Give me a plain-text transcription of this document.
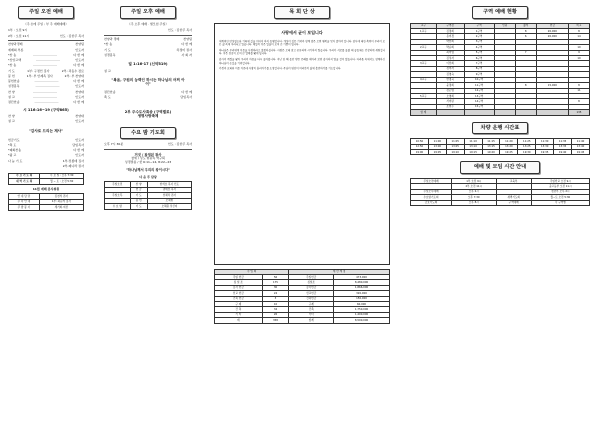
주일 오전 예배
《주 손에 주일 ; 부 주 예배예배》
1부 : 오전 9시
2부 : 오전 11시	인도 : 김한주 목사
찬양과경배	찬양팀
예배의 부름	인도자
*찬 송	……………………	다 함 께
*신앙고백	……………………	인도자
*찬 송	……………………	다 함 께
기 도	1부: 구정인 집사	2부: 곽동수 장로
봉 헌	1부: 부 안제옥 집사	2부: 부 찬양대
봉헌찬송	……………………	다 함 께
성경봉독	……………………	인도자
찬 양	……………………	찬양대
설 교	……………………	인도자
결단찬송	……………………	다 함 께
시 116:16~19 (구약865)
찬 양	찬양대
설 교	인도자
"감사로 드리는 제사"
헌금기도	인도자
*축 도	담임목사
*폐회찬송	다 함 께
*광 고	인도자
나 눔 기 도	1부:전종태 집사
2부:제나라 권사
수 요 기 도 회	수 요 일 : 오후 7:30
새 벽 기 도 회	월 ~ 토 : 오전 5:30
11월 예배 봉사위원
안 내 담 당	김천석 권사
주 차 안 내	1부: 최순석 집사
주 방 봉 사	세기회·여전
주일 오후 예배
《주 오후 예배 · 셀모임 주일》
인도 : 김한주 목사
찬양과 경배	찬양팀
*찬 송	다 함 께
기 도	차정미 권사
성경봉독	사 회 자
빌 1:16-17 (신약319)
설 교
"복음, 구원의 능력인 하시는 하나님의 어찌 아이"
결단찬송	다 함 께
축 도	담임목사
2부 주수도사특송 (구역별로)
생명사랑축제
수요 밤 기도회
오후 7시 30분	인도 : 김한주 목사
거짓 / 참정된 광사
창세 / 성도 현판속 역구획
성경말씀 / 삿 6:11~14, 8:22~23
"하나님께서 우리의 왕이시다"
다 음 주 담당
주일오전	찬 양	한석호 목사 인도
	헌 금	권태호 목사
주일오후	기 도	선혜라 권사
	봉 헌	오혜현
수 요 밤	기 도	오혜원 성신여
목 회 단 상
사랑에서 균이 보입니다

세계적인 만성혈소판 기록에 길을 이어서 하지 동행합니다. 개성의 깊은 기억과 함께 많은 오랜 행복을 잊지 말아야 합니다. 감사에 대한 축복이 우리의 모든 삶 속에 자라나고 있습니다. 매일의 작은 일들이 모여 큰 기쁨이 됩니다.

하나님은 우리에게 이웃을 사랑하라고 말씀하십니다. 사랑은 오래 참고 온유하며 시기하지 않습니다. 우리가 서로를 돌볼 때 공동체는 건강하게 세워집니다. 작은 섬김이 모여 큰 열매를 맺게 됩니다.

감사의 계절을 맞아 우리의 마음을 다시 돌아봅니다. 지난 한 해 동안 받은 은혜를 헤아려 보면 감사하지 않을 것이 없습니다. 어려움 속에서도 함께하신 하나님의 손길을 기억합니다.

가정과 교회와 이웃 가운데 사랑이 흘러가기를 소망합니다. 주님의 평강이 여러분의 삶에 충만하기를 기도합니다.

수 입 회		재 산 계 정	
주일 헌금	56	주일헌금	473,000
십 일 조	175	십일조	8,480,000
감사 헌금	30	감사헌금	1,866,000
선교 헌금	24	선교헌금	320,000
건축 헌금	3	건축헌금	150,000
구 제	10	구제	60,000
건 축	34	건축	1,750,000
기 타	26	기타	1,400,000
계	358	합계	8,500,000
구역 예배 현황
교구	구역장	구역	인원	출석	헌금	비고
1교구	김정희	1구역		8	20,000	8
	유미경	2구역		6	20,000	14
	박선희	3구역				
2교구	박순희	4구역				10
	최미영	5구역		7		9
	김성자	6구역				10
3교구	이선희	7구역				
	정미자	8구역				
	김영숙	9구역				
4교구	한명숙	10구역				
	윤정희	11구역		8	15,000	8
	장은영	12구역				11
5교구	오영희	13구역				
	서미란	14구역				8
	조현주	15구역				
합 계						135
차량 운행 시간표
10:50	11:00	11:05	11:10	11:15	11:20	11:25	11:30	11:35	11:40
12:50	13:00	13:05	13:10	13:15	13:20	13:25	13:30	13:35	13:40
19:00	19:05	19:10	19:15	19:20	19:25	19:30	19:35	19:40	19:45
예배 및 모임 시간 안내
주일오전예배	1부 오전 9시	교육부	주일학교 오전 9시
	2부 오전 11시		중고등부 오전 11시
주일오후예배	오후 2시		청년부 오후 2시
수요밤기도회	오후 7:30	새벽기도회	월~토 오전 5:30
금요기도회	오후 8시	구역예배	각 구역별
